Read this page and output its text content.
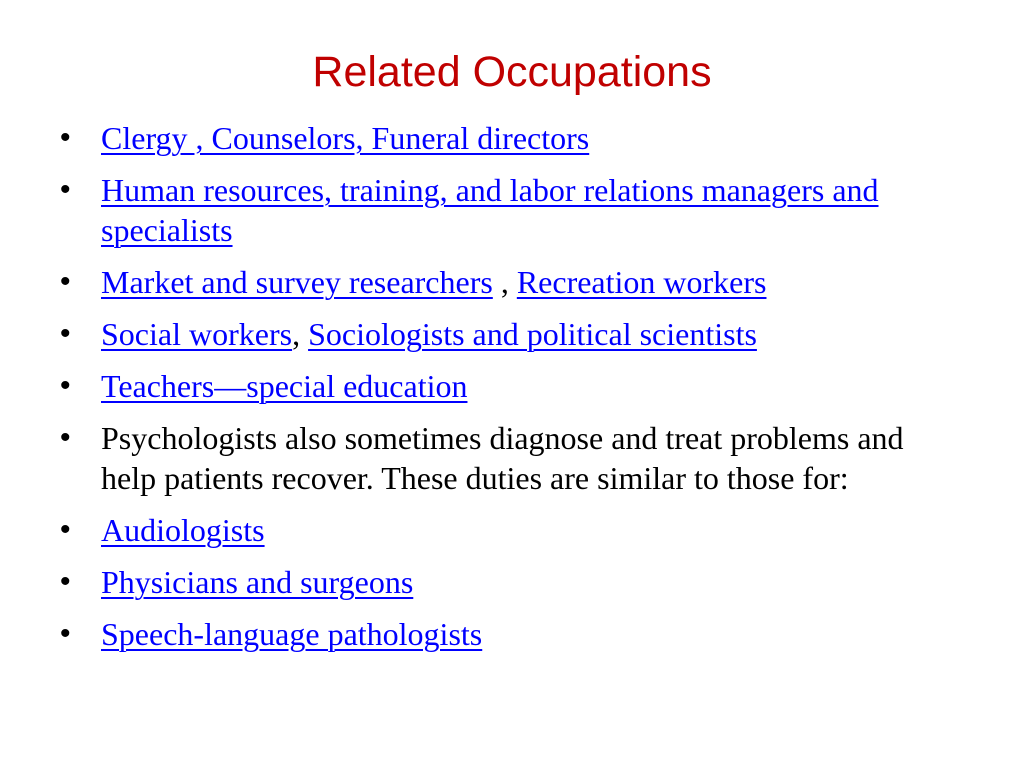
Related Occupations
• Clergy , Counselors, Funeral directors
• Human resources, training, and labor relations managers and specialists
• Market and survey researchers , Recreation workers
• Social workers, Sociologists and political scientists
• Teachers—special education
• Psychologists also sometimes diagnose and treat problems and help patients recover. These duties are similar to those for:
• Audiologists
• Physicians and surgeons
• Speech-language pathologists
